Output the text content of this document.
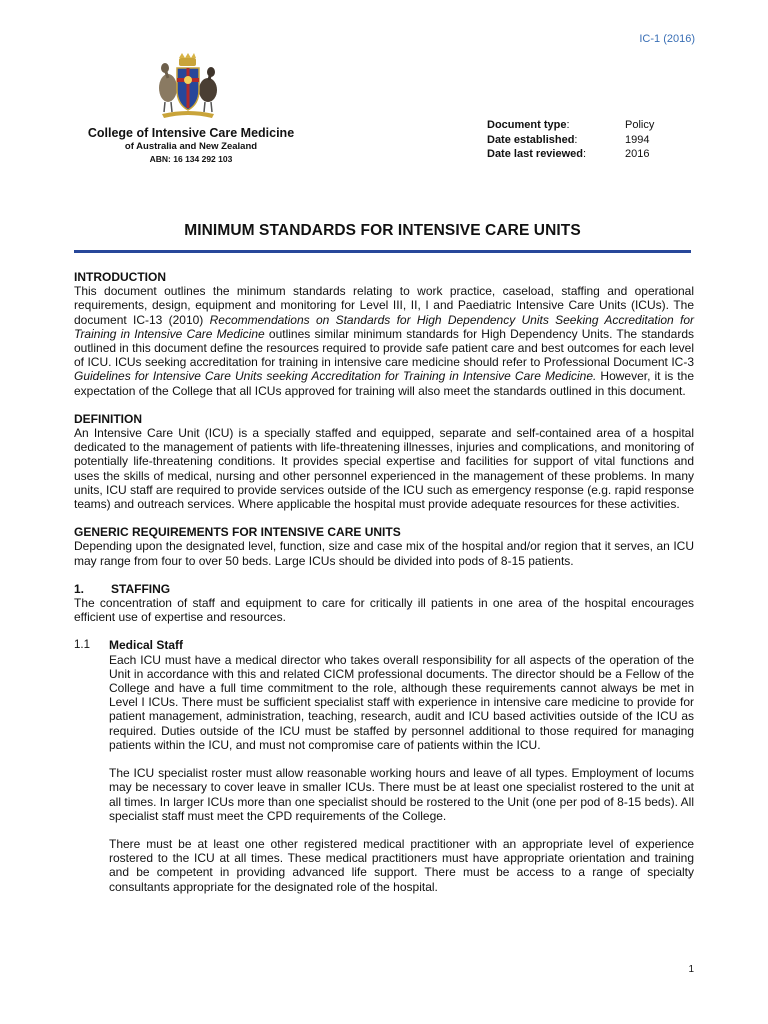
IC-1 (2016)
College of Intensive Care Medicine
of Australia and New Zealand
ABN: 16 134 292 103
Document type:	Policy
Date established:	1994
Date last reviewed:	2016
MINIMUM STANDARDS FOR INTENSIVE CARE UNITS
INTRODUCTION

This document outlines the minimum standards relating to work practice, caseload, staffing and operational requirements, design, equipment and monitoring for Level III, II, I and Paediatric Intensive Care Units (ICUs). The document IC-13 (2010) Recommendations on Standards for High Dependency Units Seeking Accreditation for Training in Intensive Care Medicine outlines similar minimum standards for High Dependency Units. The standards outlined in this document define the resources required to provide safe patient care and best outcomes for each level of ICU. ICUs seeking accreditation for training in intensive care medicine should refer to Professional Document IC-3 Guidelines for Intensive Care Units seeking Accreditation for Training in Intensive Care Medicine. However, it is the expectation of the College that all ICUs approved for training will also meet the standards outlined in this document.

DEFINITION

An Intensive Care Unit (ICU) is a specially staffed and equipped, separate and self-contained area of a hospital dedicated to the management of patients with life-threatening illnesses, injuries and complications, and monitoring of potentially life-threatening conditions. It provides special expertise and facilities for support of vital functions and uses the skills of medical, nursing and other personnel experienced in the management of these problems. In many units, ICU staff are required to provide services outside of the ICU such as emergency response (e.g. rapid response teams) and outreach services. Where applicable the hospital must provide adequate resources for these activities.

GENERIC REQUIREMENTS FOR INTENSIVE CARE UNITS

Depending upon the designated level, function, size and case mix of the hospital and/or region that it serves, an ICU may range from four to over 50 beds. Large ICUs should be divided into pods of 8-15 patients.

1. STAFFING

The concentration of staff and equipment to care for critically ill patients in one area of the hospital encourages efficient use of expertise and resources.

1.1 Medical Staff

Each ICU must have a medical director who takes overall responsibility for all aspects of the operation of the Unit in accordance with this and related CICM professional documents. The director should be a Fellow of the College and have a full time commitment to the role, although these requirements cannot always be met in Level I ICUs. There must be sufficient specialist staff with experience in intensive care medicine to provide for patient management, administration, teaching, research, audit and ICU based activities outside of the ICU as required. Duties outside of the ICU must be staffed by personnel additional to those required for managing patients within the ICU, and must not compromise care of patients within the ICU.

The ICU specialist roster must allow reasonable working hours and leave of all types. Employment of locums may be necessary to cover leave in smaller ICUs. There must be at least one specialist rostered to the unit at all times. In larger ICUs more than one specialist should be rostered to the Unit (one per pod of 8-15 beds). All specialist staff must meet the CPD requirements of the College.

There must be at least one other registered medical practitioner with an appropriate level of experience rostered to the ICU at all times. These medical practitioners must have appropriate orientation and training and be competent in providing advanced life support. There must be access to a range of specialty consultants appropriate for the designated role of the hospital.

1
